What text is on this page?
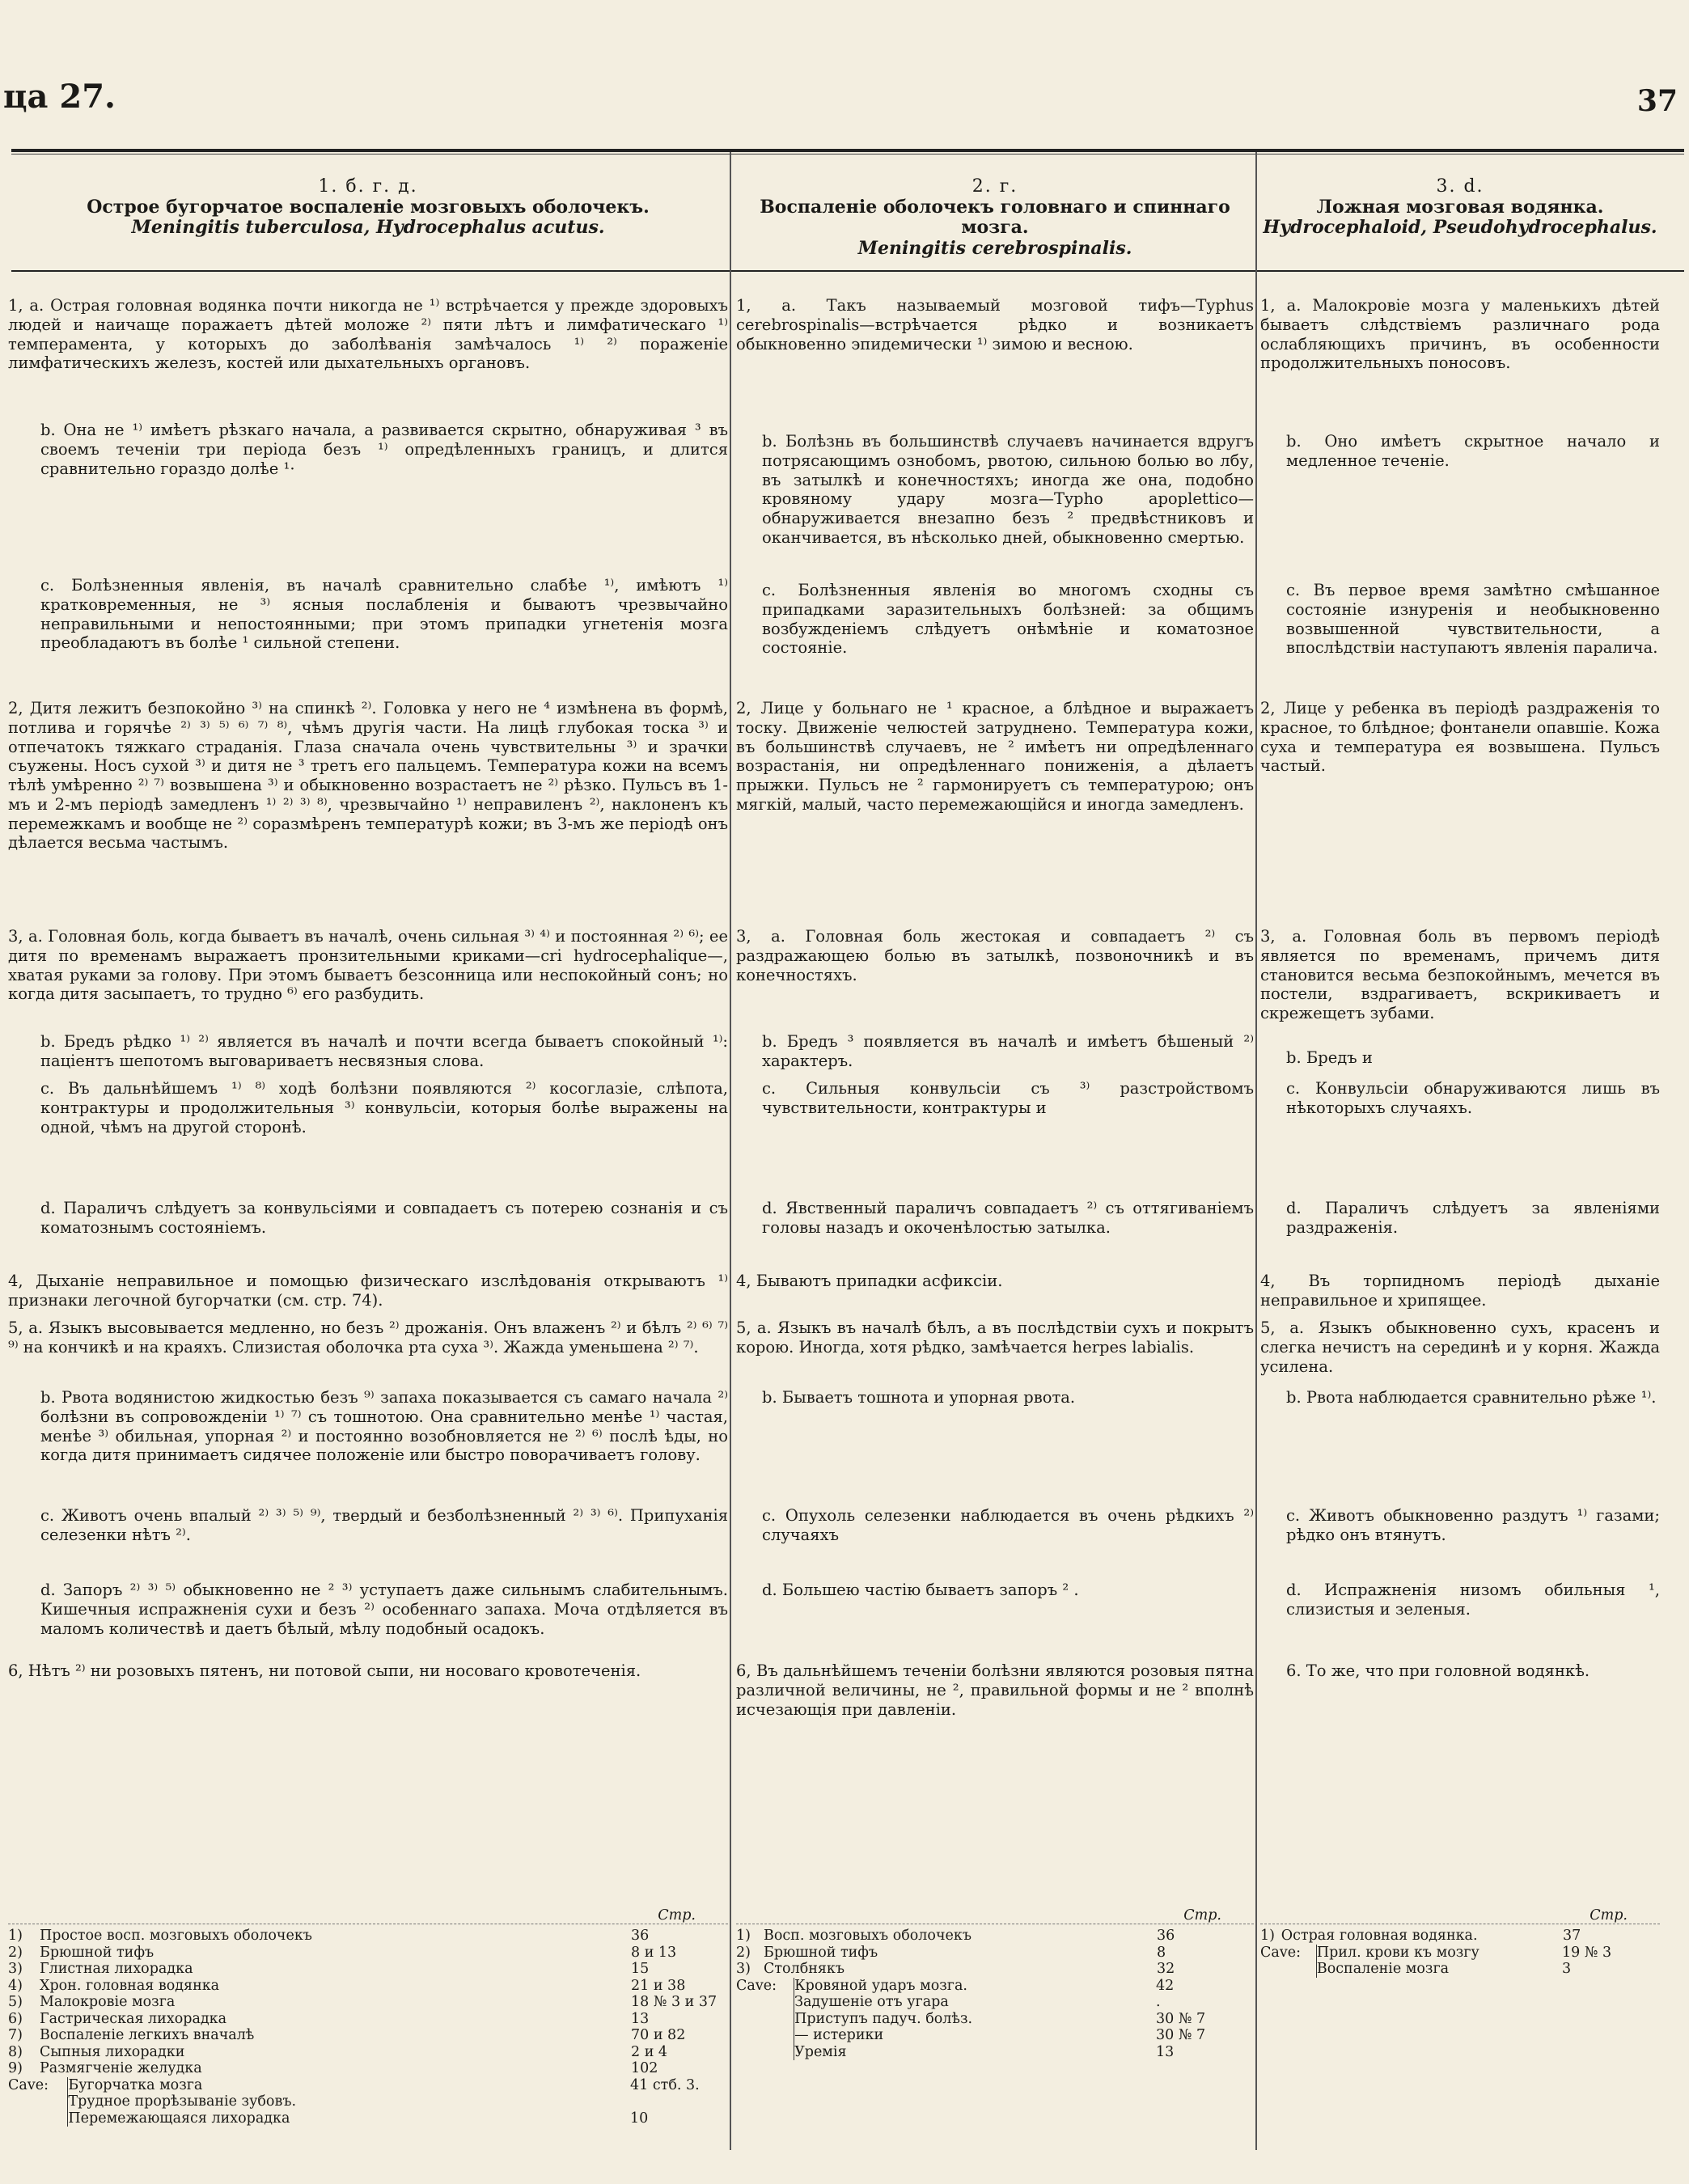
ца 27.	37
1. б. г. д.
Острое бугорчатое воспаленіе мозговыхъ оболочекъ.
Meningitis tuberculosa, Hydrocephalus acutus.
1, a. Острая головная водянка почти никогда не ¹⁾ встрѣчается у прежде здоровыхъ людей и наичаще поражаетъ дѣтей моложе ²⁾ пяти лѣтъ и лимфатическаго ¹⁾ темперамента, у которыхъ до заболѣванія замѣчалось ¹⁾ ²⁾ пораженіе лимфатическихъ железъ, костей или дыхательныхъ органовъ.
b. Она не ¹⁾ имѣетъ рѣзкаго начала, а развивается скрытно, обнаруживая ³ въ своемъ теченіи три періода безъ ¹⁾ опредѣленныхъ границъ, и длится сравнительно гораздо долѣе ¹·
c. Болѣзненныя явленія, въ началѣ сравнительно слабѣе ¹⁾, имѣютъ ¹⁾ кратковременныя, не ³⁾ ясныя послабленія и бываютъ чрезвычайно неправильными и непостоянными; при этомъ припадки угнетенія мозга преобладаютъ въ болѣе ¹ сильной степени.
2, Дитя лежитъ безпокойно ³⁾ на спинкѣ ²⁾. Головка у него не ⁴ измѣнена въ формѣ, потлива и горячѣе ²⁾ ³⁾ ⁵⁾ ⁶⁾ ⁷⁾ ⁸⁾, чѣмъ другія части. На лицѣ глубокая тоска ³⁾ и отпечатокъ тяжкаго страданія. Глаза сначала очень чувствительны ³⁾ и зрачки съужены. Носъ сухой ³⁾ и дитя не ³ третъ его пальцемъ. Температура кожи на всемъ тѣлѣ умѣренно ²⁾ ⁷⁾ возвышена ³⁾ и обыкновенно возрастаетъ не ²⁾ рѣзко. Пульсъ въ 1-мъ и 2-мъ періодѣ замедленъ ¹⁾ ²⁾ ³⁾ ⁸⁾, чрезвычайно ¹⁾ неправиленъ ²⁾, наклоненъ къ перемежкамъ и вообще не ²⁾ соразмѣренъ температурѣ кожи; въ 3-мъ же періодѣ онъ дѣлается весьма частымъ.
3, a. Головная боль, когда бываетъ въ началѣ, очень сильная ³⁾ ⁴⁾ и постоянная ²⁾ ⁶⁾; ее дитя по временамъ выражаетъ пронзительными криками—cri hydrocephalique—, хватая руками за голову. При этомъ бываетъ безсонница или неспокойный сонъ; но когда дитя засыпаетъ, то трудно ⁶⁾ его разбудить.
b. Бредъ рѣдко ¹⁾ ²⁾ является въ началѣ и почти всегда бываетъ спокойный ¹⁾: паціентъ шепотомъ выговариваетъ несвязныя слова.
c. Въ дальнѣйшемъ ¹⁾ ⁸⁾ ходѣ болѣзни появляются ²⁾ косоглазіе, слѣпота, контрактуры и продолжительныя ³⁾ конвульсіи, которыя болѣе выражены на одной, чѣмъ на другой сторонѣ.
d. Параличъ слѣдуетъ за конвульсіями и совпадаетъ съ потерею сознанія и съ коматознымъ состояніемъ.
4, Дыханіе неправильное и помощью физическаго изслѣдованія открываютъ ¹⁾ признаки легочной бугорчатки (см. стр. 74).
5, a. Языкъ высовывается медленно, но безъ ²⁾ дрожанія. Онъ влаженъ ²⁾ и бѣлъ ²⁾ ⁶⁾ ⁷⁾ ⁹⁾ на кончикѣ и на краяхъ. Слизистая оболочка рта суха ³⁾. Жажда уменьшена ²⁾ ⁷⁾.
b. Рвота водянистою жидкостью безъ ⁹⁾ запаха показывается съ самаго начала ²⁾ болѣзни въ сопровожденіи ¹⁾ ⁷⁾ съ тошнотою. Она сравнительно менѣе ¹⁾ частая, менѣе ³⁾ обильная, упорная ²⁾ и постоянно возобновляется не ²⁾ ⁶⁾ послѣ ѣды, но когда дитя принимаетъ сидячее положеніе или быстро поворачиваетъ голову.
c. Животъ очень впалый ²⁾ ³⁾ ⁵⁾ ⁹⁾, твердый и безболѣзненный ²⁾ ³⁾ ⁶⁾. Припуханія селезенки нѣтъ ²⁾.
d. Запоръ ²⁾ ³⁾ ⁵⁾ обыкновенно не ² ³⁾ уступаетъ даже сильнымъ слабительнымъ. Кишечныя испражненія сухи и безъ ²⁾ особеннаго запаха. Моча отдѣляется въ маломъ количествѣ и даетъ бѣлый, мѣлу подобный осадокъ.
6, Нѣтъ ²⁾ ни розовыхъ пятенъ, ни потовой сыпи, ни носоваго кровотеченія.
Стр.
1)	Простое восп. мозговыхъ оболочекъ	36
2)	Брюшной тифъ	8 и 13
3)	Глистная лихорадка	15
4)	Хрон. головная водянка	21 и 38
5)	Малокровіе мозга	18 № 3 и 37
6)	Гастрическая лихорадка	13
7)	Воспаленіе легкихъ вначалѣ	70 и 82
8)	Сыпныя лихорадки	2 и 4
9)	Размягченіе желудка	102
Cave:	Бугорчатка мозга	41 стб. 3.
Трудное прорѣзываніе зубовъ.	
Перемежающаяся лихорадка	10
2. г.
Воспаленіе оболочекъ головнаго и спиннаго мозга.
Meningitis cerebrospinalis.
1, a. Такъ называемый мозговой тифъ—Typhus cerebrospinalis—встрѣчается рѣдко и возникаетъ обыкновенно эпидемически ¹⁾ зимою и весною.
b. Болѣзнь въ большинствѣ случаевъ начинается вдругъ потрясающимъ ознобомъ, рвотою, сильною болью во лбу, въ затылкѣ и конечностяхъ; иногда же она, подобно кровяному удару мозга—Typho apoplettico—обнаруживается внезапно безъ ² предвѣстниковъ и оканчивается, въ нѣсколько дней, обыкновенно смертью.
c. Болѣзненныя явленія во многомъ сходны съ припадками заразительныхъ болѣзней: за общимъ возбужденіемъ слѣдуетъ онѣмѣніе и коматозное состояніе.
2, Лице у больнаго не ¹ красное, а блѣдное и выражаетъ тоску. Движеніе челюстей затруднено. Температура кожи, въ большинствѣ случаевъ, не ² имѣетъ ни опредѣленнаго возрастанія, ни опредѣленнаго пониженія, а дѣлаетъ прыжки. Пульсъ не ² гармонируетъ съ температурою; онъ мягкій, малый, часто перемежающійся и иногда замедленъ.
3, a. Головная боль жестокая и совпадаетъ ²⁾ съ раздражающею болью въ затылкѣ, позвоночникѣ и въ конечностяхъ.
b. Бредъ ³ появляется въ началѣ и имѣетъ бѣшеный ²⁾ характеръ.
c. Сильныя конвульсіи съ ³⁾ разстройствомъ чувствительности, контрактуры и
d. Явственный параличъ совпадаетъ ²⁾ съ оттягиваніемъ головы назадъ и окоченѣлостью затылка.
4, Бываютъ припадки асфиксіи.
5, a. Языкъ въ началѣ бѣлъ, а въ послѣдствіи сухъ и покрытъ корою. Иногда, хотя рѣдко, замѣчается herpes labialis.
b. Бываетъ тошнота и упорная рвота.
c. Опухоль селезенки наблюдается въ очень рѣдкихъ ²⁾ случаяхъ
d. Большею частію бываетъ запоръ ² .
6, Въ дальнѣйшемъ теченіи болѣзни являются розовыя пятна различной величины, не ², правильной формы и не ² вполнѣ исчезающія при давленіи.
Стр.
1)	Восп. мозговыхъ оболочекъ	36
2)	Брюшной тифъ	8
3)	Столбнякъ	32
Cave:	Кровяной ударъ мозга.	42
Задушеніе отъ угара	.
Приступъ падуч. болѣз.	30 № 7
— истерики	30 № 7
Уремія	13
3. d.
Ложная мозговая водянка.
Hydrocephaloid, Pseudohydrocephalus.
1, a. Малокровіе мозга у маленькихъ дѣтей бываетъ слѣдствіемъ различнаго рода ослабляющихъ причинъ, въ особенности продолжительныхъ поносовъ.
b. Оно имѣетъ скрытное начало и медленное теченіе.
c. Въ первое время замѣтно смѣшанное состояніе изнуренія и необыкновенно возвышенной чувствительности, а впослѣдствіи наступаютъ явленія паралича.
2, Лице у ребенка въ періодѣ раздраженія то красное, то блѣдное; фонтанели опавшіе. Кожа суха и температура ея возвышена. Пульсъ частый.
3, a. Головная боль въ первомъ періодѣ является по временамъ, причемъ дитя становится весьма безпокойнымъ, мечется въ постели, вздрагиваетъ, вскрикиваетъ и скрежещетъ зубами.
b. Бредъ и
c. Конвульсіи обнаруживаются лишь въ нѣкоторыхъ случаяхъ.
d. Параличъ слѣдуетъ за явленіями раздраженія.
4, Въ торпидномъ періодѣ дыханіе неправильное и хрипящее.
5, a. Языкъ обыкновенно сухъ, красенъ и слегка нечистъ на серединѣ и у корня. Жажда усилена.
b. Рвота наблюдается сравнительно рѣже ¹⁾.
c. Животъ обыкновенно раздутъ ¹⁾ газами; рѣдко онъ втянутъ.
d. Испражненія низомъ обильныя ¹, слизистыя и зеленыя.
6. То же, что при головной водянкѣ.
Стр.
1)	Острая головная водянка.	37
Cave:	Прил. крови къ мозгу	19 № 3
Воспаленіе мозга	3
